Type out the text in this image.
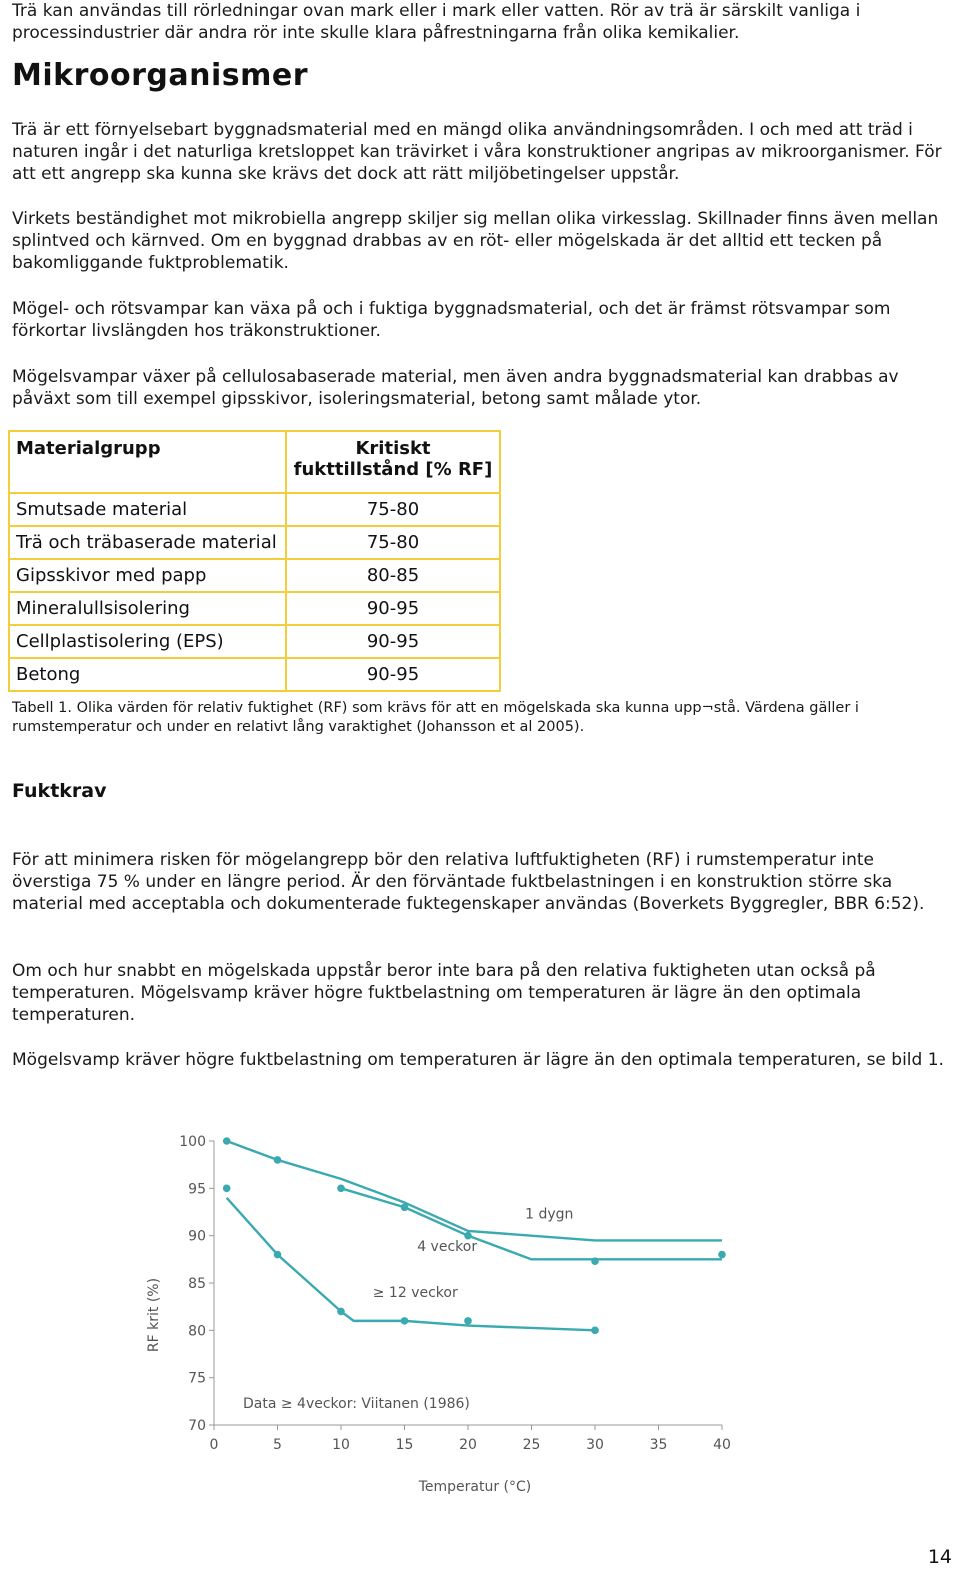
Trä kan användas till rörledningar ovan mark eller i mark eller vatten. Rör av trä är särskilt vanliga i processindustrier där andra rör inte skulle klara påfrestningarna från olika kemikalier.

Mikroorganismer

Trä är ett förnyelsebart byggnadsmaterial med en mängd olika användningsområden. I och med att träd i naturen ingår i det naturliga kretsloppet kan trävirket i våra konstruktioner angripas av mikroorganismer. För att ett angrepp ska kunna ske krävs det dock att rätt miljöbetingelser uppstår.

Virkets beständighet mot mikrobiella angrepp skiljer sig mellan olika virkesslag. Skillnader finns även mellan splintved och kärnved. Om en byggnad drabbas av en röt- eller mögelskada är det alltid ett tecken på bakomliggande fuktproblematik.

Mögel- och rötsvampar kan växa på och i fuktiga byggnadsmaterial, och det är främst rötsvampar som förkortar livslängden hos träkonstruktioner.

Mögelsvampar växer på cellulosabaserade material, men även andra byggnadsmaterial kan drabbas av påväxt som till exempel gipsskivor, isoleringsmaterial, betong samt målade ytor.

Materialgrupp	Kritiskt fukttillstånd [% RF]
Smutsade material	75-80
Trä och träbaserade material	75-80
Gipsskivor med papp	80-85
Mineralullsisolering	90-95
Cellplastisolering (EPS)	90-95
Betong	90-95

Tabell 1. Olika värden för relativ fuktighet (RF) som krävs för att en mögelskada ska kunna upp¬stå. Värdena gäller i rumstemperatur och under en relativt lång varaktighet (Johansson et al 2005).

Fuktkrav

För att minimera risken för mögelangrepp bör den relativa luftfuktigheten (RF) i rumstemperatur inte överstiga 75 % under en längre period. Är den förväntade fuktbelastningen i en konstruktion större ska material med acceptabla och dokumenterade fuktegenskaper användas (Boverkets Byggregler, BBR 6:52).

Om och hur snabbt en mögelskada uppstår beror inte bara på den relativa fuktigheten utan också på temperaturen. Mögelsvamp kräver högre fuktbelastning om temperaturen är lägre än den optimala temperaturen.

Mögelsvamp kräver högre fuktbelastning om temperaturen är lägre än den optimala temperaturen, se bild 1.

0	5	10	15	20	25	30	35	40
70
75
80
85
90
95
100
1 dygn
4 veckor
≥ 12 veckor
Temperatur (°C)
RF krit (%)
Data ≥ 4veckor: Viitanen (1986)
14
